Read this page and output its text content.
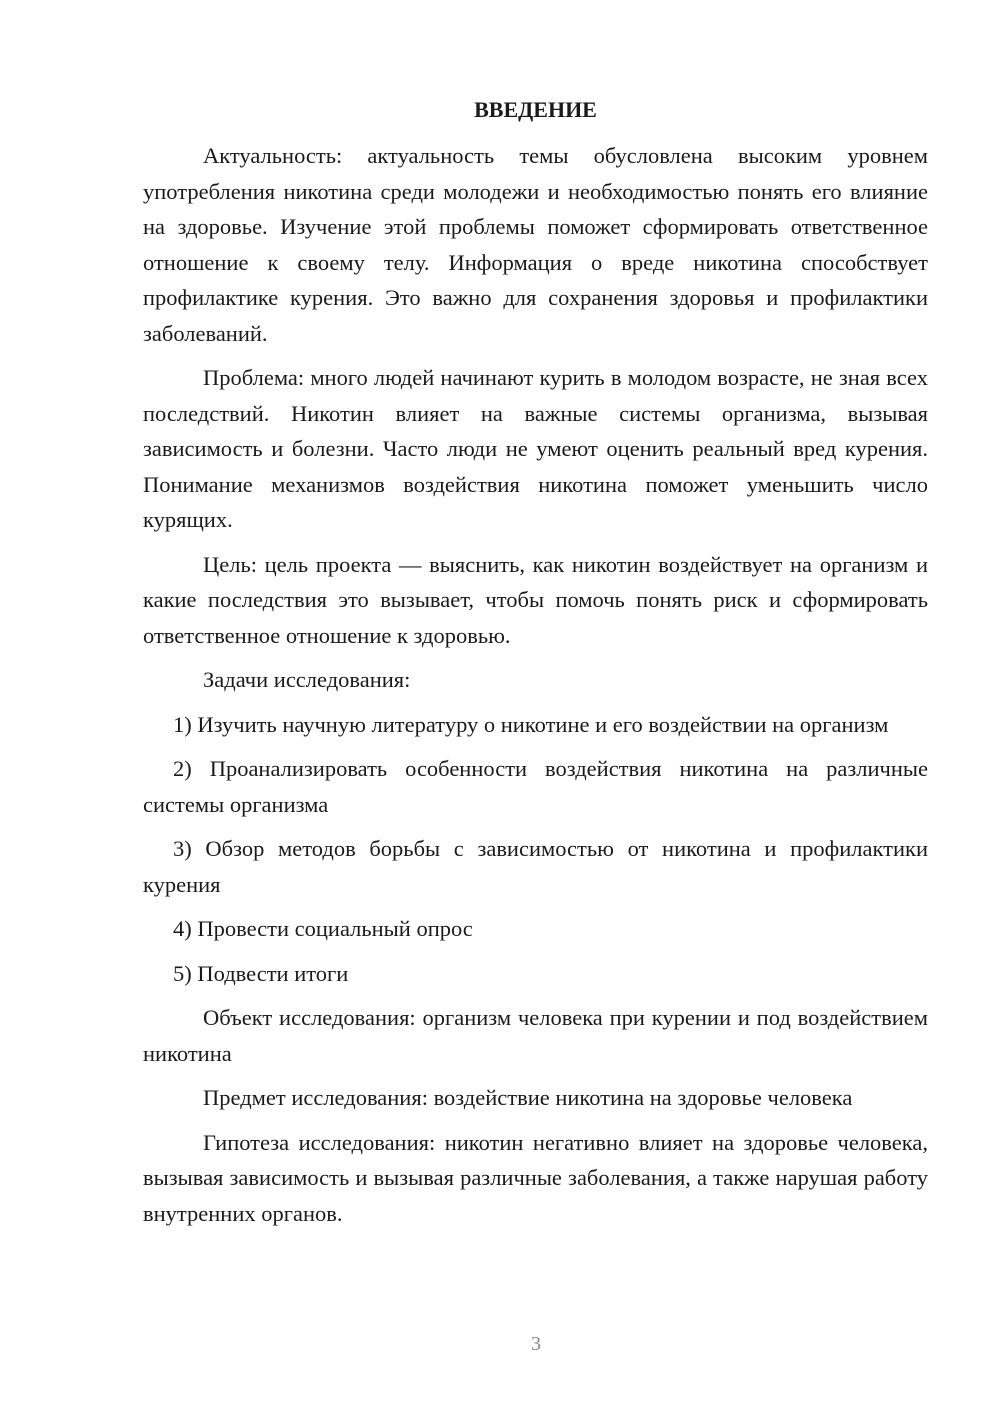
ВВЕДЕНИЕ

Актуальность: актуальность темы обусловлена высоким уровнем употребления никотина среди молодежи и необходимостью понять его влияние на здоровье. Изучение этой проблемы поможет сформировать ответственное отношение к своему телу. Информация о вреде никотина способствует профилактике курения. Это важно для сохранения здоровья и профилактики заболеваний.

Проблема: много людей начинают курить в молодом возрасте, не зная всех последствий. Никотин влияет на важные системы организма, вызывая зависимость и болезни. Часто люди не умеют оценить реальный вред курения. Понимание механизмов воздействия никотина поможет уменьшить число курящих.

Цель: цель проекта — выяснить, как никотин воздействует на организм и какие последствия это вызывает, чтобы помочь понять риск и сформировать ответственное отношение к здоровью.

Задачи исследования:

1) Изучить научную литературу о никотине и его воздействии на организм

2) Проанализировать особенности воздействия никотина на различные системы организма

3) Обзор методов борьбы с зависимостью от никотина и профилактики курения

4) Провести социальный опрос

5) Подвести итоги

Объект исследования: организм человека при курении и под воздействием никотина

Предмет исследования: воздействие никотина на здоровье человека

Гипотеза исследования: никотин негативно влияет на здоровье человека, вызывая зависимость и вызывая различные заболевания, а также нарушая работу внутренних органов.

3
